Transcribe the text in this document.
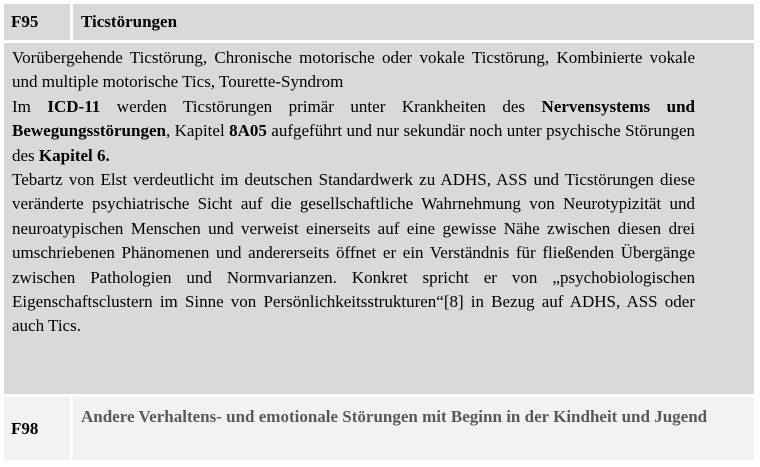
F95	Ticstörungen

Vorübergehende Ticstörung, Chronische motorische oder vokale Ticstörung, Kombinierte vokale und multiple motorische Tics, Tourette-Syndrom

Im ICD-11 werden Ticstörungen primär unter Krankheiten des Nervensystems und Bewegungsstörungen, Kapitel 8A05 aufgeführt und nur sekundär noch unter psychische Störungen des Kapitel 6.

Tebartz von Elst verdeutlicht im deutschen Standardwerk zu ADHS, ASS und Ticstörungen diese veränderte psychiatrische Sicht auf die gesellschaftliche Wahrnehmung von Neurotypizität und neuroatypischen Menschen und verweist einerseits auf eine gewisse Nähe zwischen diesen drei umschriebenen Phänomenen und andererseits öffnet er ein Verständnis für fließenden Übergänge zwischen Pathologien und Normvarianzen. Konkret spricht er von „psychobiologischen Eigenschaftsclustern im Sinne von Persönlichkeitsstrukturen“[8] in Bezug auf ADHS, ASS oder auch Tics.

F98
Andere Verhaltens- und emotionale Störungen mit Beginn in der Kindheit und Jugend
